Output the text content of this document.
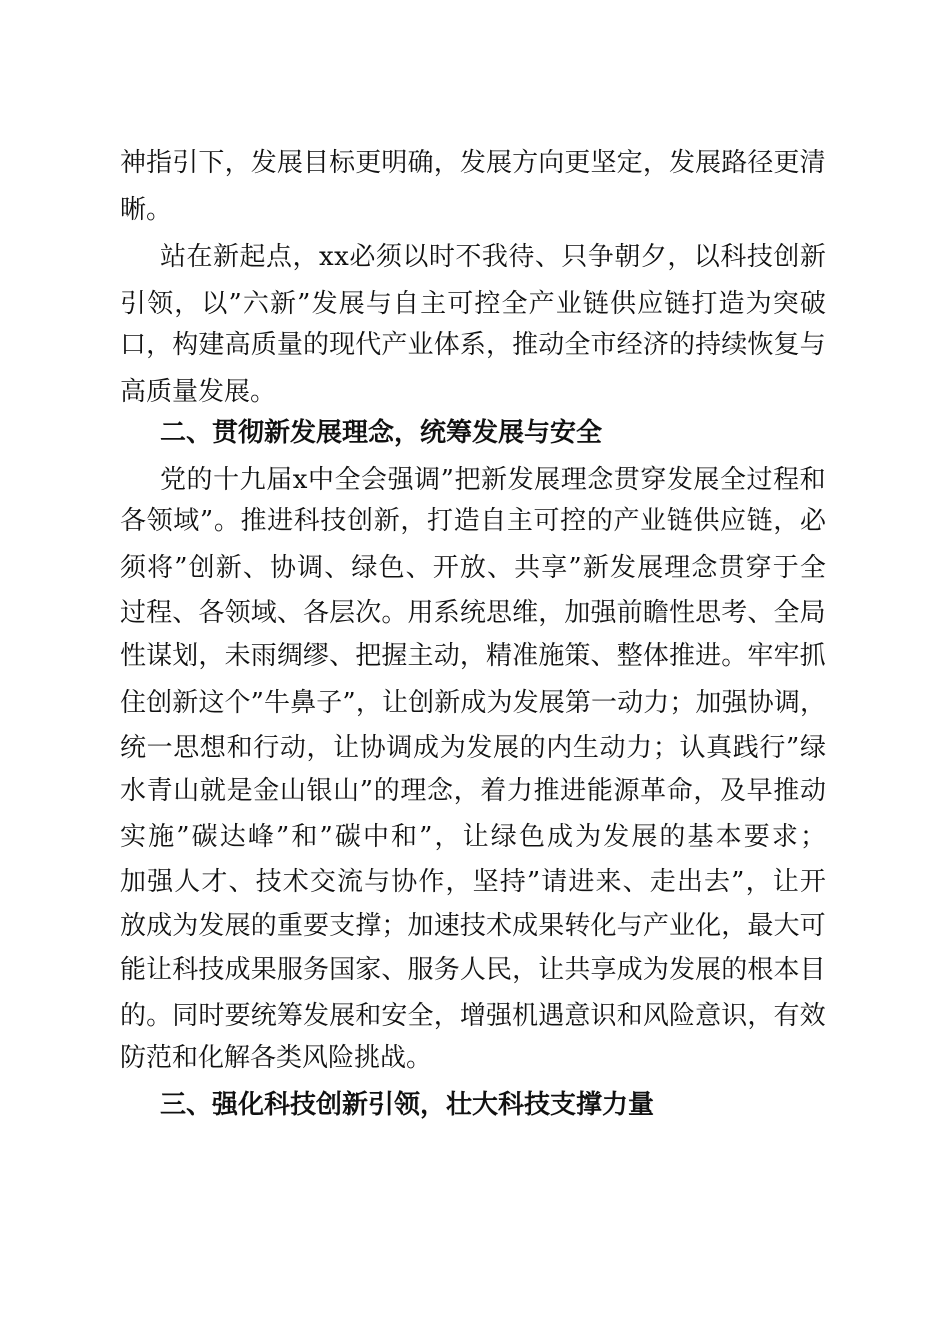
神 指 引 下 ， 发 展 目 标 更 明 确 ， 发 展 方 向 更 坚 定 ， 发 展 路 径 更 清
晰。
站 在 新 起 点 ， x x 必 须 以 时 不 我 待 、 只 争 朝 夕 ， 以 科 技 创 新
引 领 ， 以 ” 六 新 ” 发 展 与 自 主 可 控 全 产 业 链 供 应 链 打 造 为 突 破
口 ， 构 建 高 质 量 的 现 代 产 业 体 系 ， 推 动 全 市 经 济 的 持 续 恢 复 与
高质量发展。
二、贯彻新发展理念，统筹发展与安全
党 的 十 九 届 x 中 全 会 强 调 ” 把 新 发 展 理 念 贯 穿 发 展 全 过 程 和
各 领 域 ” 。 推 进 科 技 创 新 ， 打 造 自 主 可 控 的 产 业 链 供 应 链 ， 必
须 将 ” 创 新 、 协 调 、 绿 色 、 开 放 、 共 享 ” 新 发 展 理 念 贯 穿 于 全
过 程 、 各 领 域 、 各 层 次 。 用 系 统 思 维 ， 加 强 前 瞻 性 思 考 、 全 局
性 谋 划 ， 未 雨 绸 缪 、 把 握 主 动 ， 精 准 施 策 、 整 体 推 进 。 牢 牢 抓
住 创 新 这 个 ” 牛 鼻 子 ” ， 让 创 新 成 为 发 展 第 一 动 力 ； 加 强 协 调 ，
统 一 思 想 和 行 动 ， 让 协 调 成 为 发 展 的 内 生 动 力 ； 认 真 践 行 ” 绿
水 青 山 就 是 金 山 银 山 ” 的 理 念 ， 着 力 推 进 能 源 革 命 ， 及 早 推 动
实 施 ” 碳 达 峰 ” 和 ” 碳 中 和 ” ， 让 绿 色 成 为 发 展 的 基 本 要 求 ；
加 强 人 才 、 技 术 交 流 与 协 作 ， 坚 持 ” 请 进 来 、 走 出 去 ” ， 让 开
放 成 为 发 展 的 重 要 支 撑 ； 加 速 技 术 成 果 转 化 与 产 业 化 ， 最 大 可
能 让 科 技 成 果 服 务 国 家 、 服 务 人 民 ， 让 共 享 成 为 发 展 的 根 本 目
的 。 同 时 要 统 筹 发 展 和 安 全 ， 增 强 机 遇 意 识 和 风 险 意 识 ， 有 效
防范和化解各类风险挑战。
三、强化科技创新引领，壮大科技支撑力量
